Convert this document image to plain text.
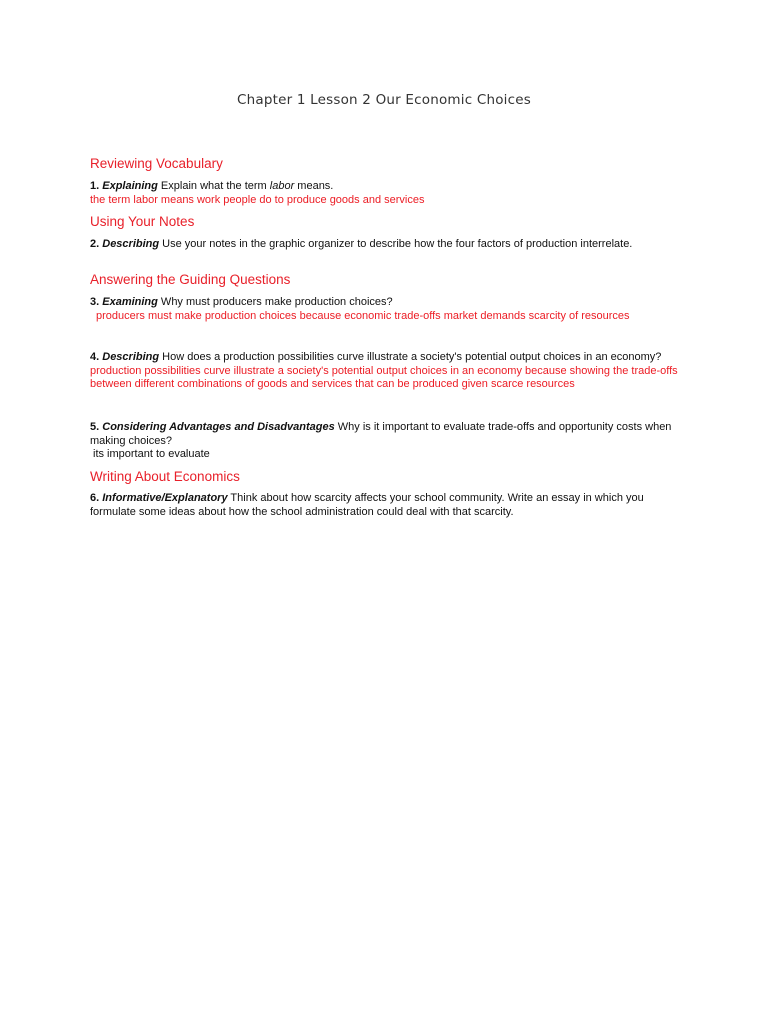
Chapter 1 Lesson 2 Our Economic Choices
Reviewing Vocabulary
1. Explaining Explain what the term labor means.
the term labor means work people do to produce goods and services
Using Your Notes
2. Describing Use your notes in the graphic organizer to describe how the four factors of production interrelate.
Answering the Guiding Questions
3. Examining Why must producers make production choices?
producers must make production choices because economic trade-offs market demands scarcity of resources
4. Describing How does a production possibilities curve illustrate a society's potential output choices in an economy?
production possibilities curve illustrate a society's potential output choices in an economy because showing the trade-offs between different combinations of goods and services that can be produced given scarce resources
5. Considering Advantages and Disadvantages Why is it important to evaluate trade-offs and opportunity costs when making choices?
its important to evaluate
Writing About Economics
6. Informative/Explanatory Think about how scarcity affects your school community. Write an essay in which you formulate some ideas about how the school administration could deal with that scarcity.
